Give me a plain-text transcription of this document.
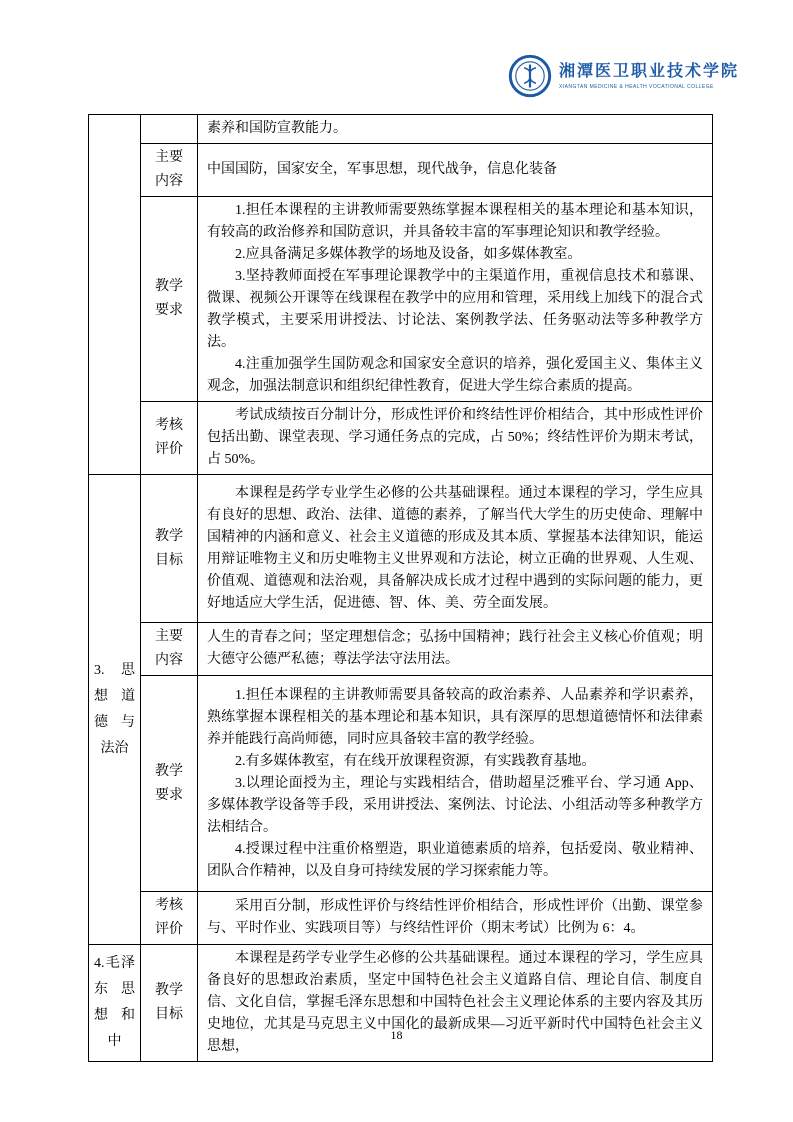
湘潭医卫职业技术学院
XIANGTAN MEDICINE & HEALTH VOCATIONAL COLLEGE

		素养和国防宣教能力。

	主要内容	中国国防，国家安全，军事思想，现代战争，信息化装备

	教学要求	1.担任本课程的主讲教师需要熟练掌握本课程相关的基本理论和基本知识，有较高的政治修养和国防意识，并具备较丰富的军事理论知识和教学经验。

2.应具备满足多媒体教学的场地及设备，如多媒体教室。

3.坚持教师面授在军事理论课教学中的主渠道作用，重视信息技术和慕课、微课、视频公开课等在线课程在教学中的应用和管理，采用线上加线下的混合式教学模式，主要采用讲授法、讨论法、案例教学法、任务驱动法等多种教学方法。

4.注重加强学生国防观念和国家安全意识的培养，强化爱国主义、集体主义观念，加强法制意识和组织纪律性教育，促进大学生综合素质的提高。

	考核评价	考试成绩按百分制计分，形成性评价和终结性评价相结合，其中形成性评价包括出勤、课堂表现、学习通任务点的完成，占 50%；终结性评价为期末考试，占 50%。

3. 思想道德与法治	教学目标	本课程是药学专业学生必修的公共基础课程。通过本课程的学习，学生应具有良好的思想、政治、法律、道德的素养，了解当代大学生的历史使命、理解中国精神的内涵和意义、社会主义道德的形成及其本质、掌握基本法律知识，能运用辩证唯物主义和历史唯物主义世界观和方法论，树立正确的世界观、人生观、价值观、道德观和法治观，具备解决成长成才过程中遇到的实际问题的能力，更好地适应大学生活，促进德、智、体、美、劳全面发展。

	主要内容	人生的青春之问；坚定理想信念；弘扬中国精神；践行社会主义核心价值观；明大德守公德严私德；尊法学法守法用法。

	教学要求	1.担任本课程的主讲教师需要具备较高的政治素养、人品素养和学识素养，熟练掌握本课程相关的基本理论和基本知识，具有深厚的思想道德情怀和法律素养并能践行高尚师德，同时应具备较丰富的教学经验。

2.有多媒体教室，有在线开放课程资源，有实践教育基地。

3.以理论面授为主，理论与实践相结合，借助超星泛雅平台、学习通 App、多媒体教学设备等手段，采用讲授法、案例法、讨论法、小组活动等多种教学方法相结合。

4.授课过程中注重价格塑造，职业道德素质的培养，包括爱岗、敬业精神、团队合作精神，以及自身可持续发展的学习探索能力等。

	考核评价	采用百分制，形成性评价与终结性评价相结合，形成性评价（出勤、课堂参与、平时作业、实践项目等）与终结性评价（期末考试）比例为 6：4。

4.毛泽东思想和中	教学目标	本课程是药学专业学生必修的公共基础课程。通过本课程的学习，学生应具备良好的思想政治素质，坚定中国特色社会主义道路自信、理论自信、制度自信、文化自信，掌握毛泽东思想和中国特色社会主义理论体系的主要内容及其历史地位，尤其是马克思主义中国化的最新成果—习近平新时代中国特色社会主义思想，

18
